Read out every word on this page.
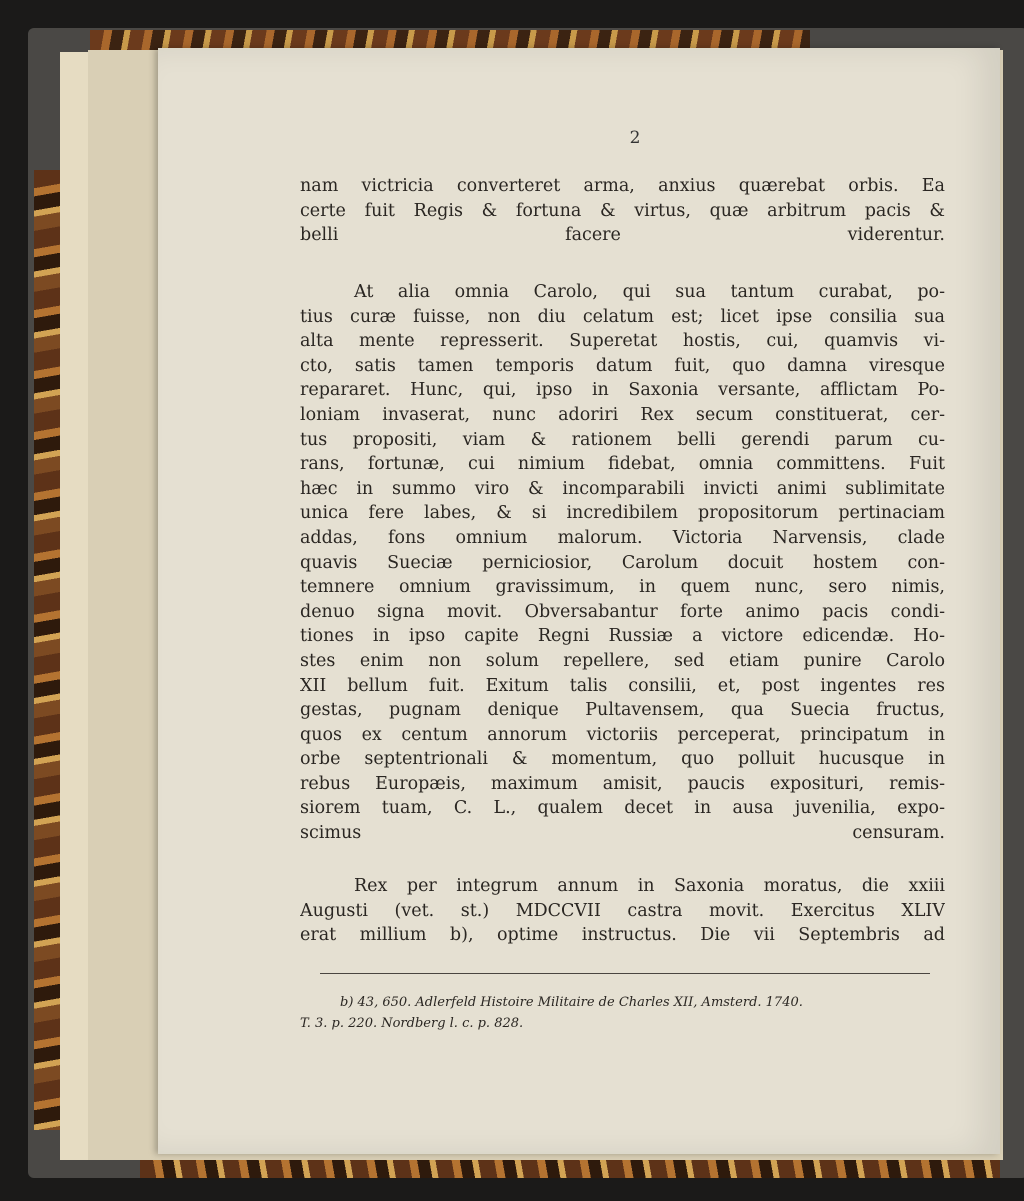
2
nam victricia converteret arma, anxius quærebat orbis. Ea
certe fuit Regis & fortuna & virtus, quæ arbitrum pacis &
belli facere viderentur.
At alia omnia Carolo, qui sua tantum curabat, po-
tius curæ fuisse, non diu celatum est; licet ipse consilia sua
alta mente represserit. Superetat hostis, cui, quamvis vi-
cto, satis tamen temporis datum fuit, quo damna viresque
repararet. Hunc, qui, ipso in Saxonia versante, afflictam Po-
loniam invaserat, nunc adoriri Rex secum constituerat, cer-
tus propositi, viam & rationem belli gerendi parum cu-
rans, fortunæ, cui nimium fidebat, omnia committens. Fuit
hæc in summo viro & incomparabili invicti animi sublimitate
unica fere labes, & si incredibilem propositorum pertinaciam
addas, fons omnium malorum. Victoria Narvensis, clade
quavis Sueciæ perniciosior, Carolum docuit hostem con-
temnere omnium gravissimum, in quem nunc, sero nimis,
denuo signa movit. Obversabantur forte animo pacis condi-
tiones in ipso capite Regni Russiæ a victore edicendæ. Ho-
stes enim non solum repellere, sed etiam punire Carolo
XII bellum fuit. Exitum talis consilii, et, post ingentes res
gestas, pugnam denique Pultavensem, qua Suecia fructus,
quos ex centum annorum victoriis perceperat, principatum in
orbe septentrionali & momentum, quo polluit hucusque in
rebus Europæis, maximum amisit, paucis expositurі, remis-
siorem tuam, C. L., qualem decet in ausa juvenilia, expo-
scimus censuram.
Rex per integrum annum in Saxonia moratus, die xxiii
Augusti (vet. st.) MDCCVII castra movit. Exercitus XLIV
erat millium b), optime instructus. Die vii Septembris ad
b) 43, 650. Adlerfeld Histoire Militaire de Charles XII, Amsterd. 1740.
T. 3. p. 220. Nordberg l. c. p. 828.
